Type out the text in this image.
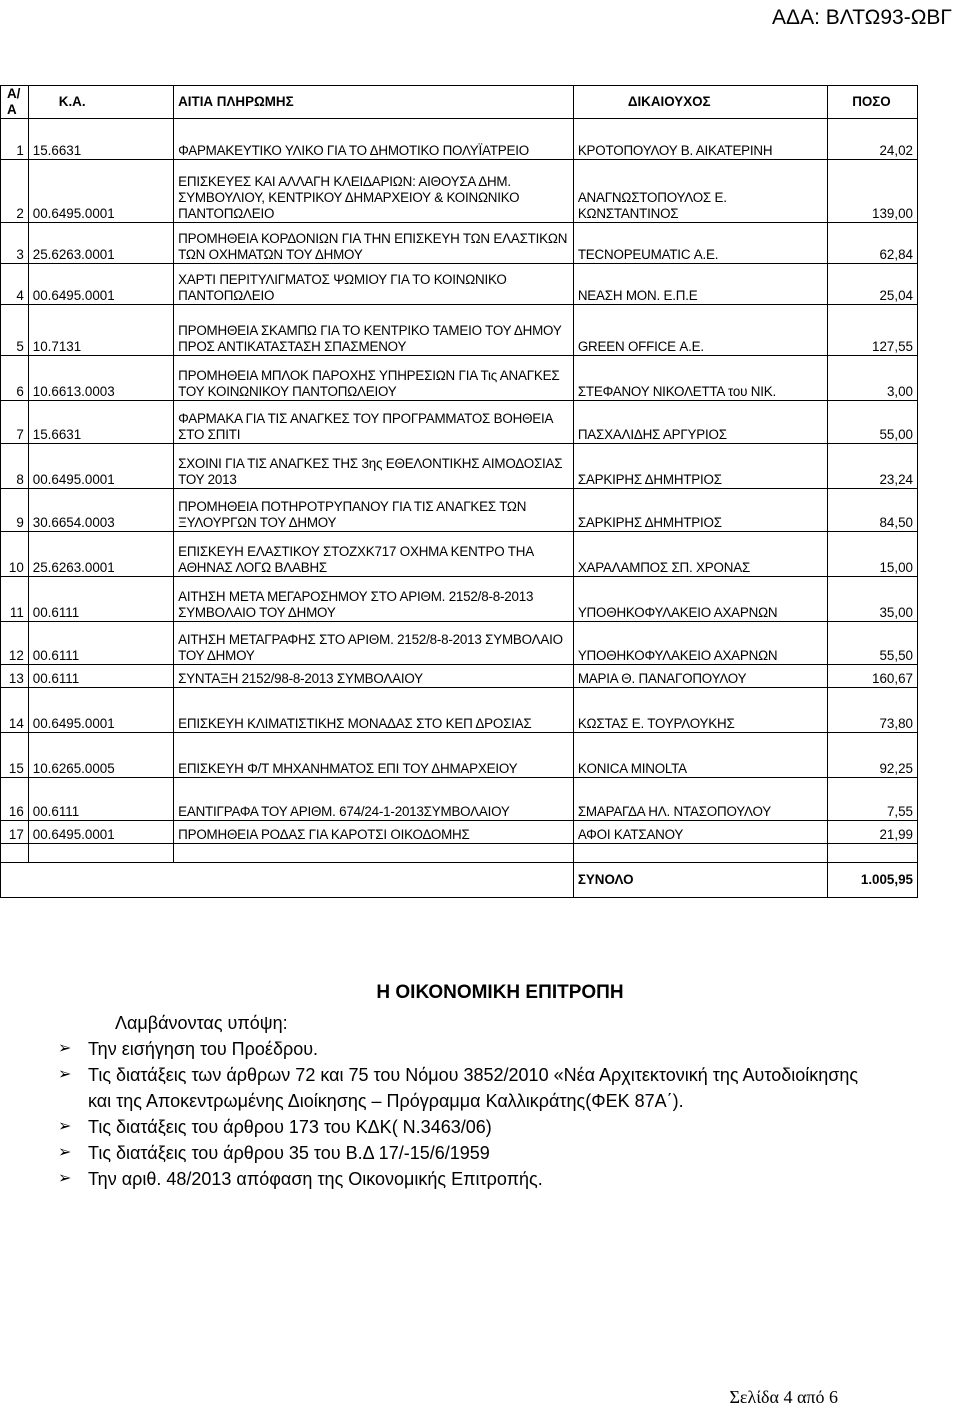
ΑΔΑ: ΒΛΤΩ93-ΩΒΓ
Α/Α	Κ.Α.	ΑΙΤΙΑ ΠΛΗΡΩΜΗΣ	ΔΙΚΑΙΟΥΧΟΣ	ΠΟΣΟ
1	15.6631	ΦΑΡΜΑΚΕΥΤΙΚΟ ΥΛΙΚΟ ΓΙΑ ΤΟ ΔΗΜΟΤΙΚΟ ΠΟΛΥΪΑΤΡΕΙΟ	ΚΡΟΤΟΠΟΥΛΟΥ Β. ΑΙΚΑΤΕΡΙΝΗ	24,02
2	00.6495.0001	ΕΠΙΣΚΕΥΕΣ ΚΑΙ ΑΛΛΑΓΗ ΚΛΕΙΔΑΡΙΩΝ: ΑΙΘΟΥΣΑ ΔΗΜ. ΣΥΜΒΟΥΛΙΟΥ, ΚΕΝΤΡΙΚΟΥ ΔΗΜΑΡΧΕΙΟΥ & ΚΟΙΝΩΝΙΚΟ ΠΑΝΤΟΠΩΛΕΙΟ	ΑΝΑΓΝΩΣΤΟΠΟΥΛΟΣ Ε. ΚΩΝΣΤΑΝΤΙΝΟΣ	139,00
3	25.6263.0001	ΠΡΟΜΗΘΕΙΑ ΚΟΡΔΟΝΙΩΝ ΓΙΑ ΤΗΝ ΕΠΙΣΚΕΥΗ ΤΩΝ ΕΛΑΣΤΙΚΩΝ ΤΩΝ ΟΧΗΜΑΤΩΝ ΤΟΥ ΔΗΜΟΥ	TECNOPEUMATIC Α.Ε.	62,84
4	00.6495.0001	ΧΑΡΤΙ ΠΕΡΙΤΥΛΙΓΜΑΤΟΣ ΨΩΜΙΟΥ ΓΙΑ ΤΟ ΚΟΙΝΩΝΙΚΟ ΠΑΝΤΟΠΩΛΕΙΟ	ΝΕΑΣΗ ΜΟΝ. Ε.Π.Ε	25,04
5	10.7131	ΠΡΟΜΗΘΕΙΑ ΣΚΑΜΠΩ ΓΙΑ ΤΟ ΚΕΝΤΡΙΚΟ ΤΑΜΕΙΟ ΤΟΥ ΔΗΜΟΥ ΠΡΟΣ ΑΝΤΙΚΑΤΑΣΤΑΣΗ ΣΠΑΣΜΕΝΟΥ	GREEN OFFICE Α.Ε.	127,55
6	10.6613.0003	ΠΡΟΜΗΘΕΙΑ ΜΠΛΟΚ ΠΑΡΟΧΗΣ ΥΠΗΡΕΣΙΩΝ ΓΙΑ Τις ΑΝΑΓΚΕΣ ΤΟΥ ΚΟΙΝΩΝΙΚΟΥ ΠΑΝΤΟΠΩΛΕΙΟΥ	ΣΤΕΦΑΝΟΥ ΝΙΚΟΛΕΤΤΑ του ΝΙΚ.	3,00
7	15.6631	ΦΑΡΜΑΚΑ ΓΙΑ ΤΙΣ ΑΝΑΓΚΕΣ ΤΟΥ ΠΡΟΓΡΑΜΜΑΤΟΣ ΒΟΗΘΕΙΑ ΣΤΟ ΣΠΙΤΙ	ΠΑΣΧΑΛΙΔΗΣ ΑΡΓΥΡΙΟΣ	55,00
8	00.6495.0001	ΣΧΟΙΝΙ ΓΙΑ ΤΙΣ ΑΝΑΓΚΕΣ ΤΗΣ 3ης ΕΘΕΛΟΝΤΙΚΗΣ ΑΙΜΟΔΟΣΙΑΣ ΤΟΥ 2013	ΣΑΡΚΙΡΗΣ ΔΗΜΗΤΡΙΟΣ	23,24
9	30.6654.0003	ΠΡΟΜΗΘΕΙΑ ΠΟΤΗΡΟΤΡΥΠΑΝΟΥ ΓΙΑ ΤΙΣ ΑΝΑΓΚΕΣ ΤΩΝ ΞΥΛΟΥΡΓΩΝ ΤΟΥ ΔΗΜΟΥ	ΣΑΡΚΙΡΗΣ ΔΗΜΗΤΡΙΟΣ	84,50
10	25.6263.0001	ΕΠΙΣΚΕΥΗ ΕΛΑΣΤΙΚΟΥ ΣΤΟΖΧΚ717 ΟΧΗΜΑ ΚΕΝΤΡΟ ΤΗΑ ΑΘΗΝΑΣ ΛΟΓΩ ΒΛΑΒΗΣ	ΧΑΡΑΛΑΜΠΟΣ ΣΠ. ΧΡΟΝΑΣ	15,00
11	00.6111	ΑΙΤΗΣΗ ΜΕΤΑ ΜΕΓΑΡΟΣΗΜΟΥ ΣΤΟ ΑΡΙΘΜ. 2152/8-8-2013 ΣΥΜΒΟΛΑΙΟ ΤΟΥ ΔΗΜΟΥ	ΥΠΟΘΗΚΟΦΥΛΑΚΕΙΟ ΑΧΑΡΝΩΝ	35,00
12	00.6111	ΑΙΤΗΣΗ ΜΕΤΑΓΡΑΦΗΣ ΣΤΟ ΑΡΙΘΜ. 2152/8-8-2013 ΣΥΜΒΟΛΑΙΟ ΤΟΥ ΔΗΜΟΥ	ΥΠΟΘΗΚΟΦΥΛΑΚΕΙΟ ΑΧΑΡΝΩΝ	55,50
13	00.6111	ΣΥΝΤΑΞΗ 2152/98-8-2013 ΣΥΜΒΟΛΑΙΟΥ	ΜΑΡΙΑ Θ. ΠΑΝΑΓΟΠΟΥΛΟΥ	160,67
14	00.6495.0001	ΕΠΙΣΚΕΥΗ ΚΛΙΜΑΤΙΣΤΙΚΗΣ ΜΟΝΑΔΑΣ ΣΤΟ ΚΕΠ ΔΡΟΣΙΑΣ	ΚΩΣΤΑΣ Ε. ΤΟΥΡΛΟΥΚΗΣ	73,80
15	10.6265.0005	ΕΠΙΣΚΕΥΗ Φ/Τ ΜΗΧΑΝΗΜΑΤΟΣ ΕΠΙ ΤΟΥ ΔΗΜΑΡΧΕΙΟΥ	KONICA MINOLTA	92,25
16	00.6111	ΕΑΝΤΙΓΡΑΦΑ ΤΟΥ ΑΡΙΘΜ. 674/24-1-2013ΣΥΜΒΟΛΑΙΟΥ	ΣΜΑΡΑΓΔΑ ΗΛ. ΝΤΑΣΟΠΟΥΛΟΥ	7,55
17	00.6495.0001	ΠΡΟΜΗΘΕΙΑ ΡΟΔΑΣ ΓΙΑ ΚΑΡΟΤΣΙ ΟΙΚΟΔΟΜΗΣ	ΑΦΟΙ ΚΑΤΣΑΝΟΥ	21,99

			ΣΥΝΟΛΟ	1.005,95
Η ΟΙΚΟΝΟΜΙΚΗ ΕΠΙΤΡΟΠΗ
Λαμβάνοντας υπόψη:
➢ Την εισήγηση του Προέδρου.
➢ Τις διατάξεις των άρθρων 72 και 75 του Νόμου 3852/2010 «Νέα Αρχιτεκτονική της Αυτοδιοίκησης και της Αποκεντρωμένης Διοίκησης – Πρόγραμμα Καλλικράτης(ΦΕΚ 87Α΄).
➢ Τις διατάξεις του άρθρου 173 του ΚΔΚ( Ν.3463/06)
➢ Τις διατάξεις του άρθρου 35 του Β.Δ 17/-15/6/1959
➢ Την αριθ. 48/2013 απόφαση της Οικονομικής Επιτροπής.
Σελίδα 4 από 6
